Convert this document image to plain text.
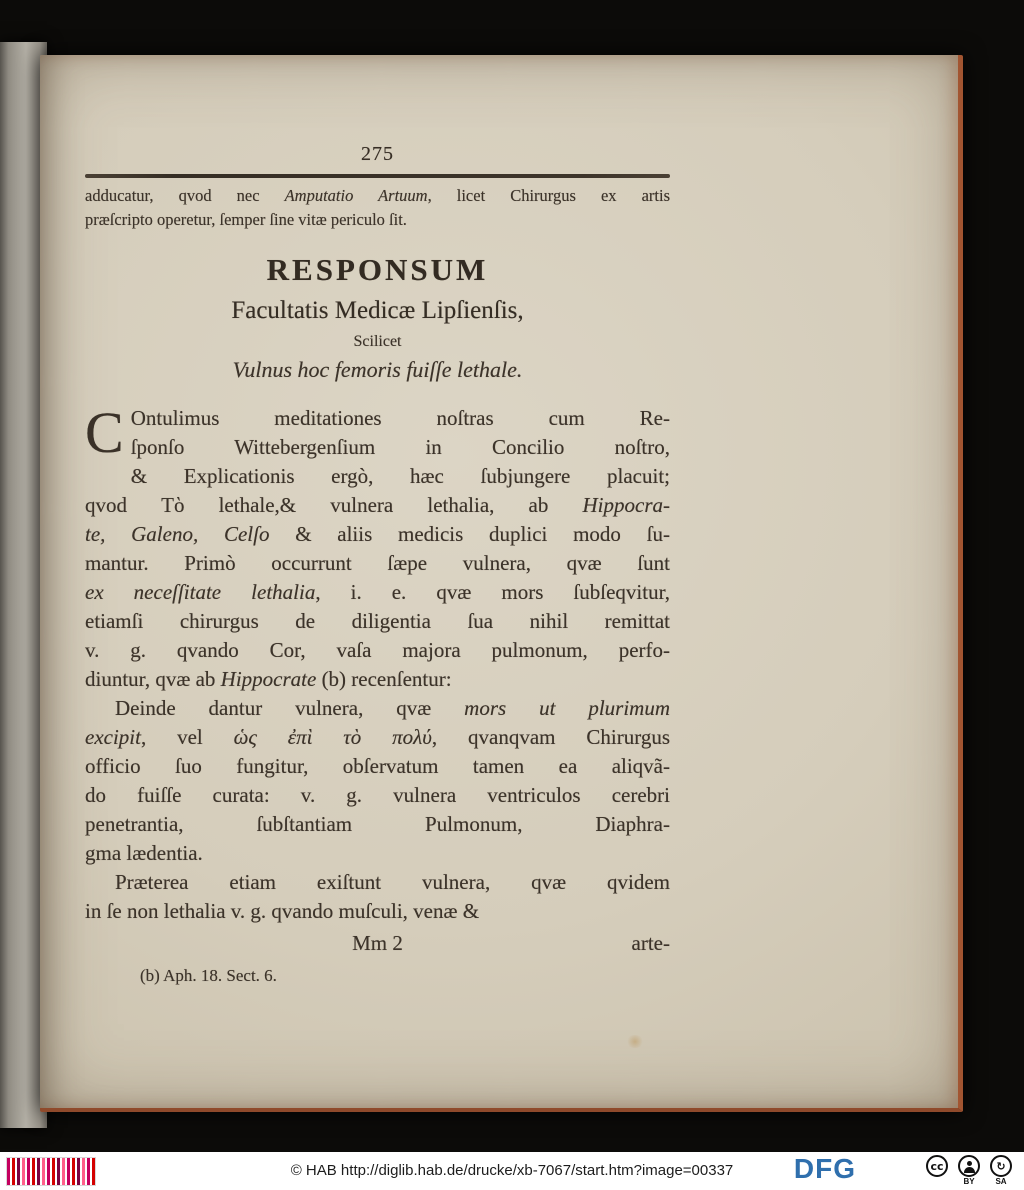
275
adducatur, qvod nec Amputatio Artuum, licet Chirurgus ex artis
præſcripto operetur, ſemper ſine vitæ periculo ſit.
RESPONSUM
Facultatis Medicæ Lipſienſis,
Scilicet
Vulnus hoc femoris fuiſſe lethale.
C Ontulimus meditationes noſtras cum Re-
ſponſo Wittebergenſium in Concilio noſtro,
& Explicationis ergò, hæc ſubjungere placuit;
qvod Τὸ lethale,& vulnera lethalia, ab Hippocra-
te, Galeno, Celſo & aliis medicis duplici modo ſu-
mantur. Primò occurrunt ſæpe vulnera, qvæ ſunt
ex neceſſitate lethalia, i. e. qvæ mors ſubſeqvitur,
etiamſi chirurgus de diligentia ſua nihil remittat
v. g. qvando Cor, vaſa majora pulmonum, perfo-
diuntur, qvæ ab Hippocrate (b) recenſentur:
Deinde dantur vulnera, qvæ mors ut plurimum
excipit, vel ὡς ἐπὶ τὸ πολύ, qvanqvam Chirurgus
officio ſuo fungitur, obſervatum tamen ea aliqvã-
do fuiſſe curata: v. g. vulnera ventriculos cerebri
penetrantia, ſubſtantiam Pulmonum, Diaphra-
gma lædentia.
Præterea etiam exiſtunt vulnera, qvæ qvidem
in ſe non lethalia v. g. qvando muſculi, venæ &
Mm 2	arte-
(b) Aph. 18. Sect. 6.
© HAB http://diglib.hab.de/drucke/xb-7067/start.htm?image=00337	DFG	cc
BY
↻
SA
